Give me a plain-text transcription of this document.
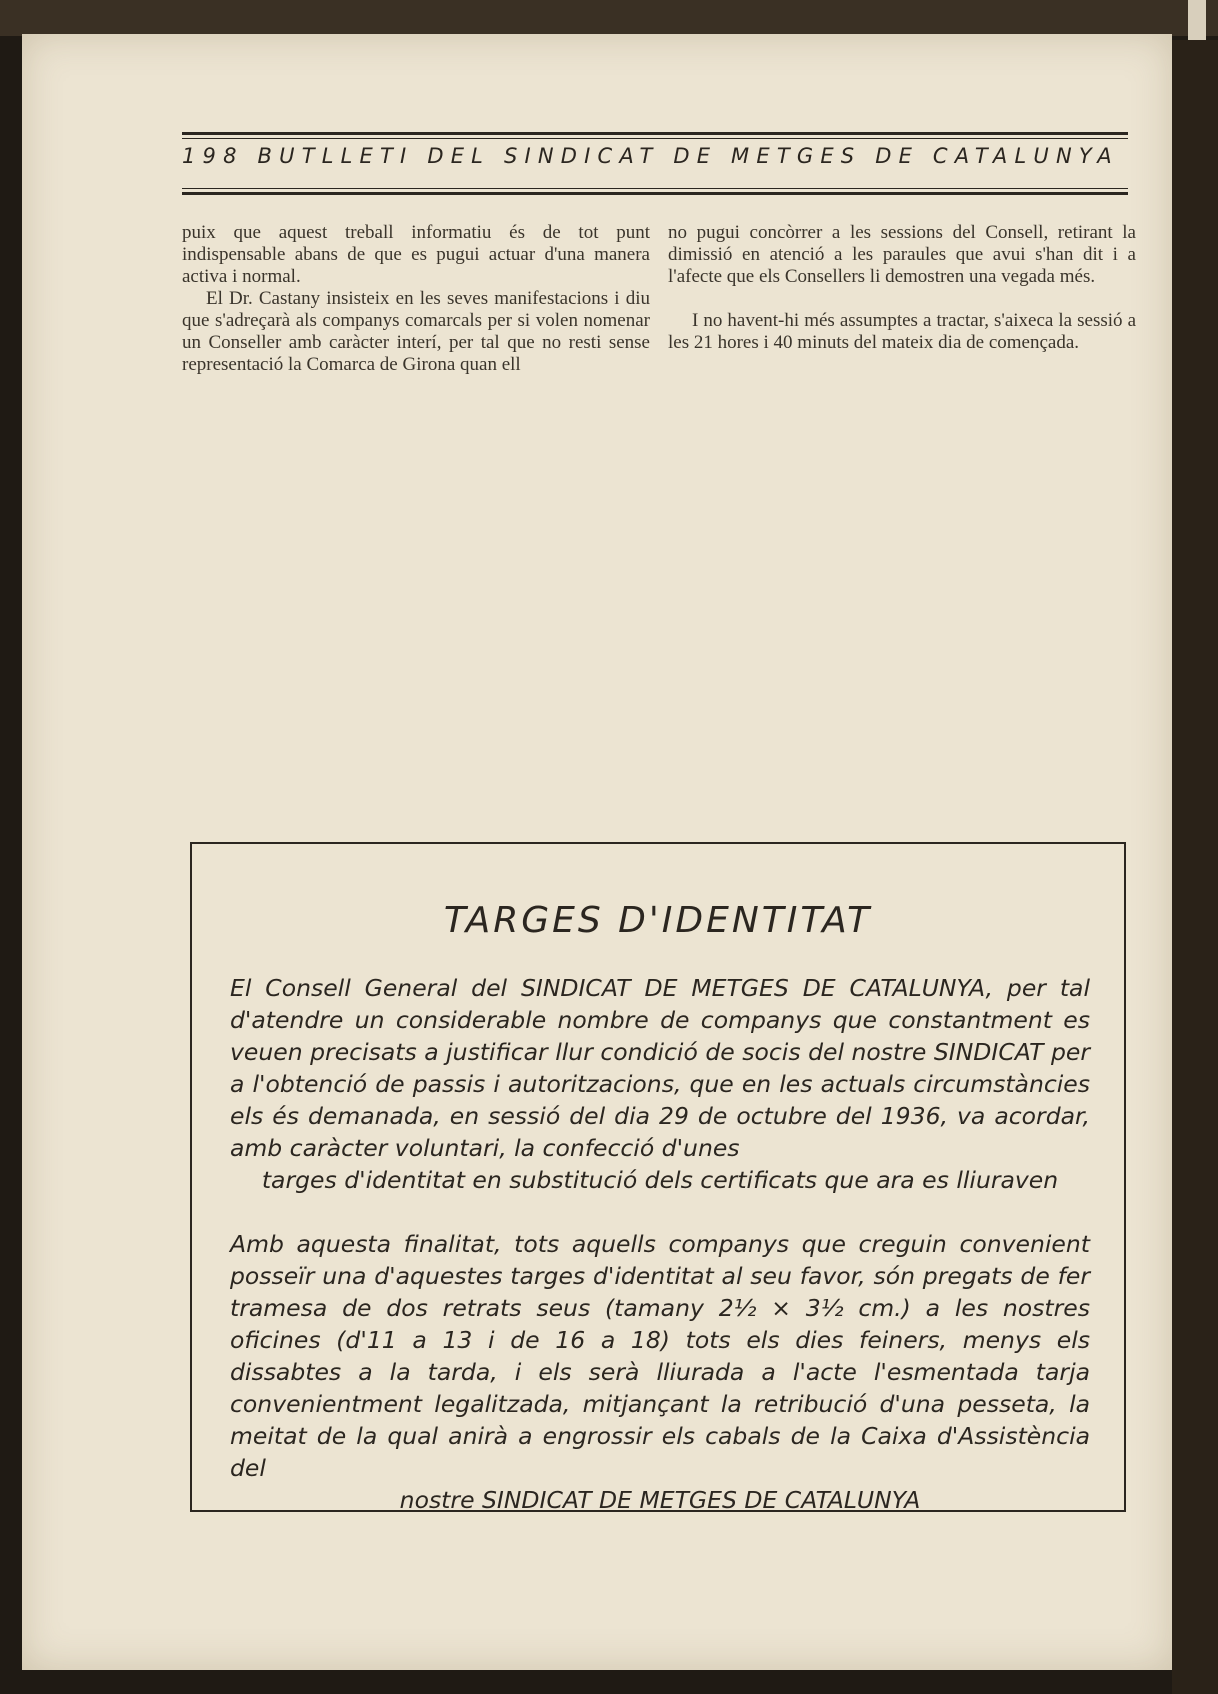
198 BUTLLETI DEL SINDICAT DE METGES DE CATALUNYA

puix que aquest treball informatiu és de tot punt indispensable abans de que es pugui actuar d'una manera activa i normal.

El Dr. Castany insisteix en les seves manifestacions i diu que s'adreçarà als companys comarcals per si volen nomenar un Conseller amb caràcter interí, per tal que no resti sense representació la Comarca de Girona quan ell

no pugui concòrrer a les sessions del Consell, retirant la dimissió en atenció a les paraules que avui s'han dit i a l'afecte que els Consellers li demostren una vegada més.

I no havent-hi més assumptes a tractar, s'aixeca la sessió a les 21 hores i 40 minuts del mateix dia de començada.

TARGES D'IDENTITAT

El Consell General del SINDICAT DE METGES DE CATALUNYA, per tal d'atendre un considerable nombre de companys que constantment es veuen precisats a justificar llur condició de socis del nostre SINDICAT per a l'obtenció de passis i autoritzacions, que en les actuals circumstàncies els és demanada, en sessió del dia 29 de octubre del 1936, va acordar, amb caràcter voluntari, la confecció d'unes

targes d'identitat en substitució dels certificats que ara es lliuraven

Amb aquesta finalitat, tots aquells companys que creguin convenient posseïr una d'aquestes targes d'identitat al seu favor, són pregats de fer tramesa de dos retrats seus (tamany 2½ × 3½ cm.) a les nostres oficines (d'11 a 13 i de 16 a 18) tots els dies feiners, menys els dissabtes a la tarda, i els serà lliurada a l'acte l'esmentada tarja convenientment legalitzada, mitjançant la retribució d'una pesseta, la meitat de la qual anirà a engrossir els cabals de la Caixa d'Assistència del

nostre SINDICAT DE METGES DE CATALUNYA
